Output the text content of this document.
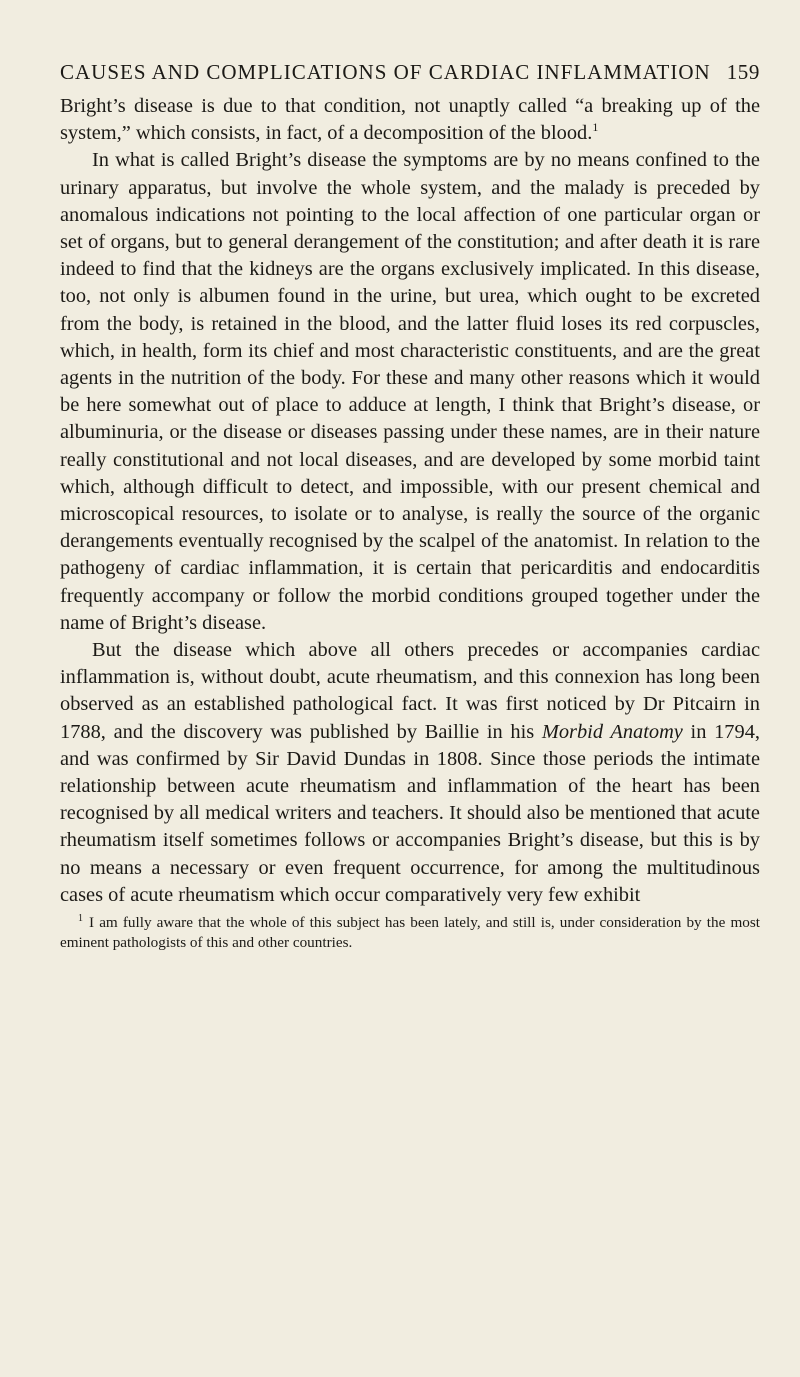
CAUSES AND COMPLICATIONS OF CARDIAC INFLAMMATION 159

Bright’s disease is due to that condition, not unaptly called “a breaking up of the system,” which consists, in fact, of a decomposition of the blood.$^1$

In what is called Bright’s disease the symptoms are by no means confined to the urinary apparatus, but involve the whole system, and the malady is preceded by anomalous indications not pointing to the local affection of one particular organ or set of organs, but to general derangement of the constitution; and after death it is rare indeed to find that the kidneys are the organs exclusively implicated. In this disease, too, not only is albumen found in the urine, but urea, which ought to be excreted from the body, is retained in the blood, and the latter fluid loses its red corpuscles, which, in health, form its chief and most characteristic constituents, and are the great agents in the nutrition of the body. For these and many other reasons which it would be here somewhat out of place to adduce at length, I think that Bright’s disease, or albuminuria, or the disease or diseases passing under these names, are in their nature really constitutional and not local diseases, and are developed by some morbid taint which, although difficult to detect, and impossible, with our present chemical and microscopical resources, to isolate or to analyse, is really the source of the organic derangements eventually recognised by the scalpel of the anatomist. In relation to the pathogeny of cardiac inflammation, it is certain that pericarditis and endocarditis frequently accompany or follow the morbid conditions grouped together under the name of Bright’s disease.

But the disease which above all others precedes or accompanies cardiac inflammation is, without doubt, acute rheumatism, and this connexion has long been observed as an established pathological fact. It was first noticed by Dr Pitcairn in 1788, and the discovery was published by Baillie in his Morbid Anatomy in 1794, and was confirmed by Sir David Dundas in 1808. Since those periods the intimate relationship between acute rheumatism and inflammation of the heart has been recognised by all medical writers and teachers. It should also be mentioned that acute rheumatism itself sometimes follows or accompanies Bright’s disease, but this is by no means a necessary or even frequent occurrence, for among the multitudinous cases of acute rheumatism which occur comparatively very few exhibit

$^1$ I am fully aware that the whole of this subject has been lately, and still is, under consideration by the most eminent pathologists of this and other countries.
